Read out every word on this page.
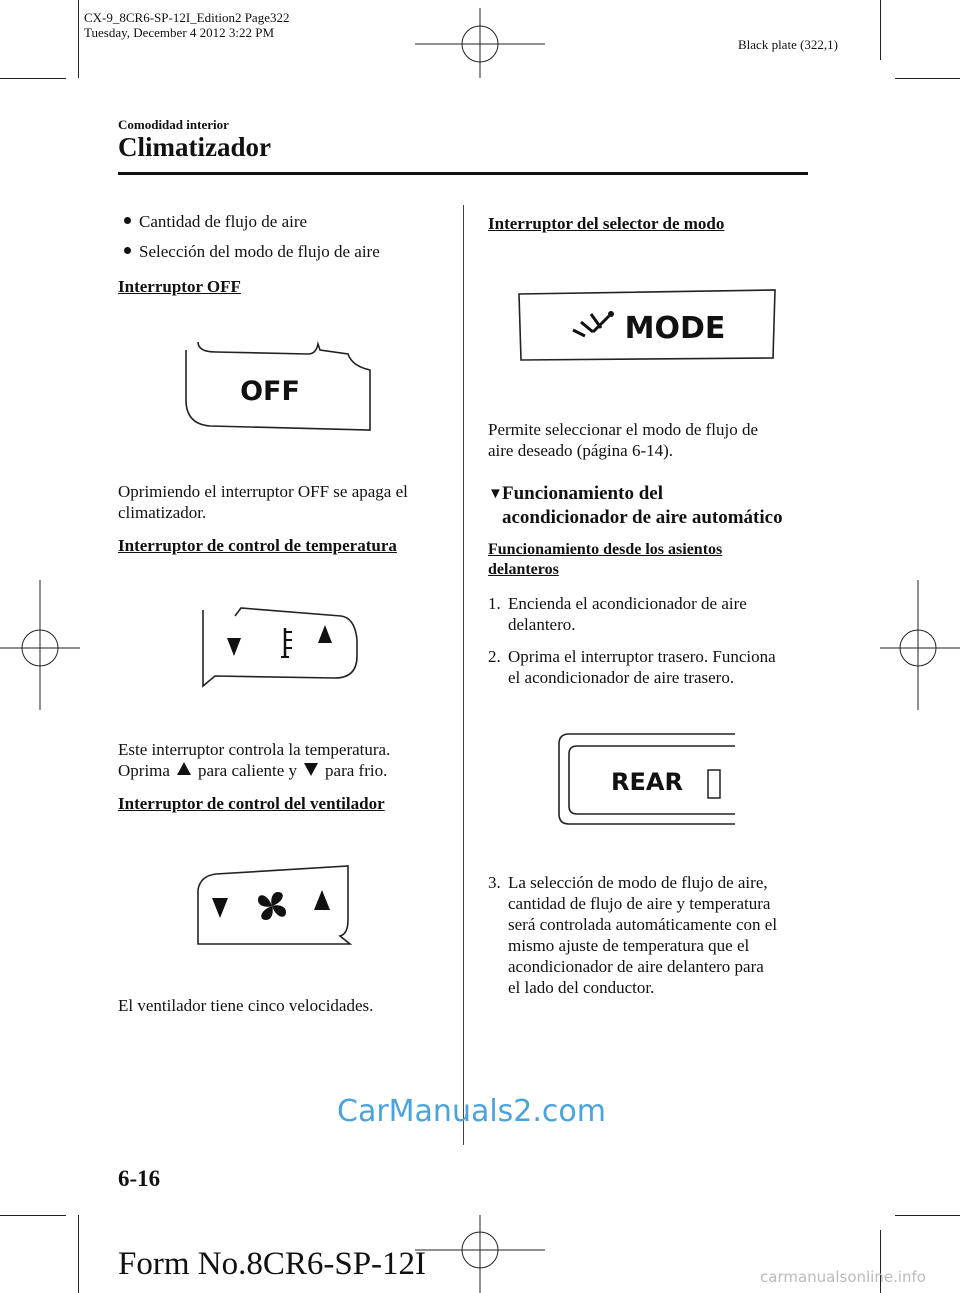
CX-9_8CR6-SP-12I_Edition2 Page322
Tuesday, December 4 2012 3:22 PM
Black plate (322,1)
Comodidad interior
Climatizador
Cantidad de flujo de aire
Selección del modo de flujo de aire
Interruptor OFF
OFF
Oprimiendo el interruptor OFF se apaga el
climatizador.
Interruptor de control de temperatura
Este interruptor controla la temperatura.
Oprima para caliente y para frio.
Interruptor de control del ventilador
El ventilador tiene cinco velocidades.
Interruptor del selector de modo
MODE
Permite seleccionar el modo de flujo de
aire deseado (página 6-14).
▼ Funcionamiento del
acondicionador de aire automático
Funcionamiento desde los asientos
delanteros
1. Encienda el acondicionador de aire
delantero.
2. Oprima el interruptor trasero. Funciona
el acondicionador de aire trasero.
REAR
3. La selección de modo de flujo de aire,
cantidad de flujo de aire y temperatura
será controlada automáticamente con el
mismo ajuste de temperatura que el
acondicionador de aire delantero para
el lado del conductor.
CarManuals2.com
6-16
Form No.8CR6-SP-12I	carmanualsonline.info
